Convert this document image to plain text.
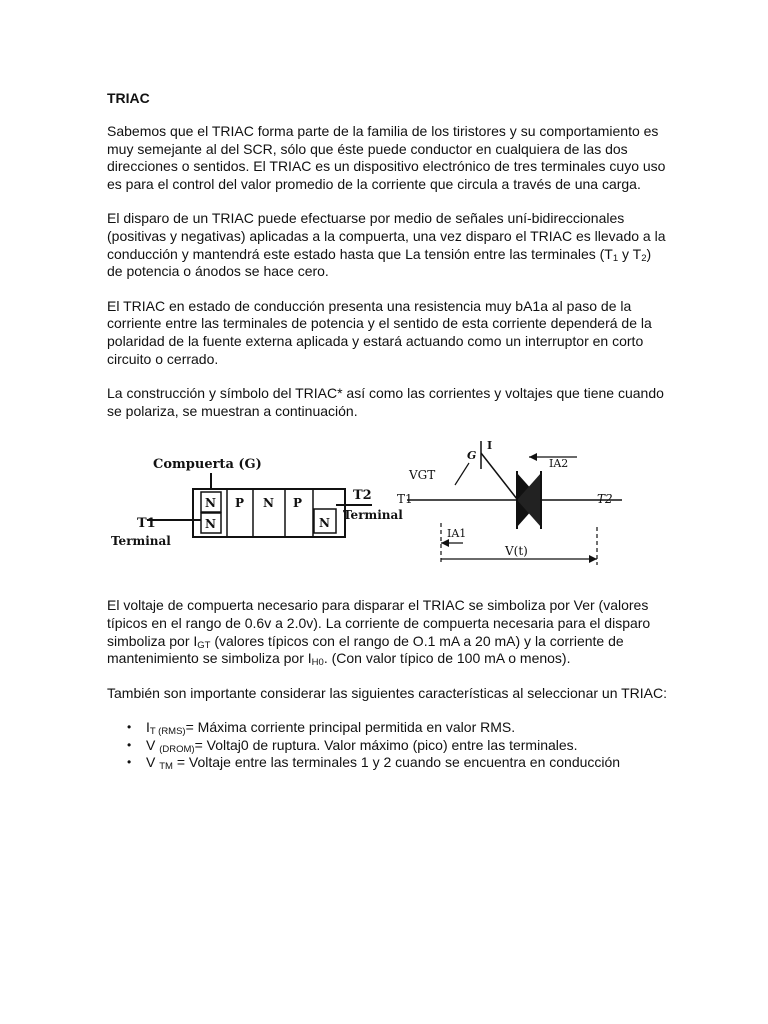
TRIAC

Sabemos que el TRIAC forma parte de la familia de los tiristores y su comportamiento es muy semejante al del SCR, sólo que éste puede conductor en cualquiera de las dos direcciones o sentidos. El TRIAC es un dispositivo electrónico de tres terminales cuyo uso es para el control del valor promedio de la corriente que circula a través de una carga.

El disparo de un TRIAC puede efectuarse por medio de señales uní-bidireccionales (positivas y negativas) aplicadas a la compuerta, una vez disparo el TRIAC es llevado a la conducción y mantendrá este estado hasta que La tensión entre las terminales ($T_1$ y $T_2$) de potencia o ánodos se hace cero.

El TRIAC en estado de conducción presenta una resistencia muy bA1a al paso de la corriente entre las terminales de potencia y el sentido de esta corriente dependerá de la polaridad de la fuente externa aplicada y estará actuando como un interruptor en corto circuito o cerrado.

La construcción y símbolo del TRIAC* así como las corrientes y voltajes que tiene cuando se polariza, se muestran a continuación.

Compuerta (G)
N P N P
N
N
T1
Terminal
T2
Terminal
G
I
VGT
T1	T2
IA2
IA1
V(t)

El voltaje de compuerta necesario para disparar el TRIAC se simboliza por Ver (valores típicos en el rango de 0.6v a 2.0v). La corriente de compuerta necesaria para el disparo simboliza por $I_{GT}$ (valores típicos con el rango de O.1 mA a 20 mA) y la corriente de mantenimiento se simboliza por $I_{H0}$. (Con valor típico de 100 mA o menos).

También son importante considerar las siguientes características al seleccionar un TRIAC:

• $I_{T (RMS)}=$ Máxima corriente principal permitida en valor RMS.
• V $_{(DROM)}$= Voltaj0 de ruptura. Valor máximo (pico) entre las terminales.
• V $_{TM}$ = Voltaje entre las terminales 1 y 2 cuando se encuentra en conducción
